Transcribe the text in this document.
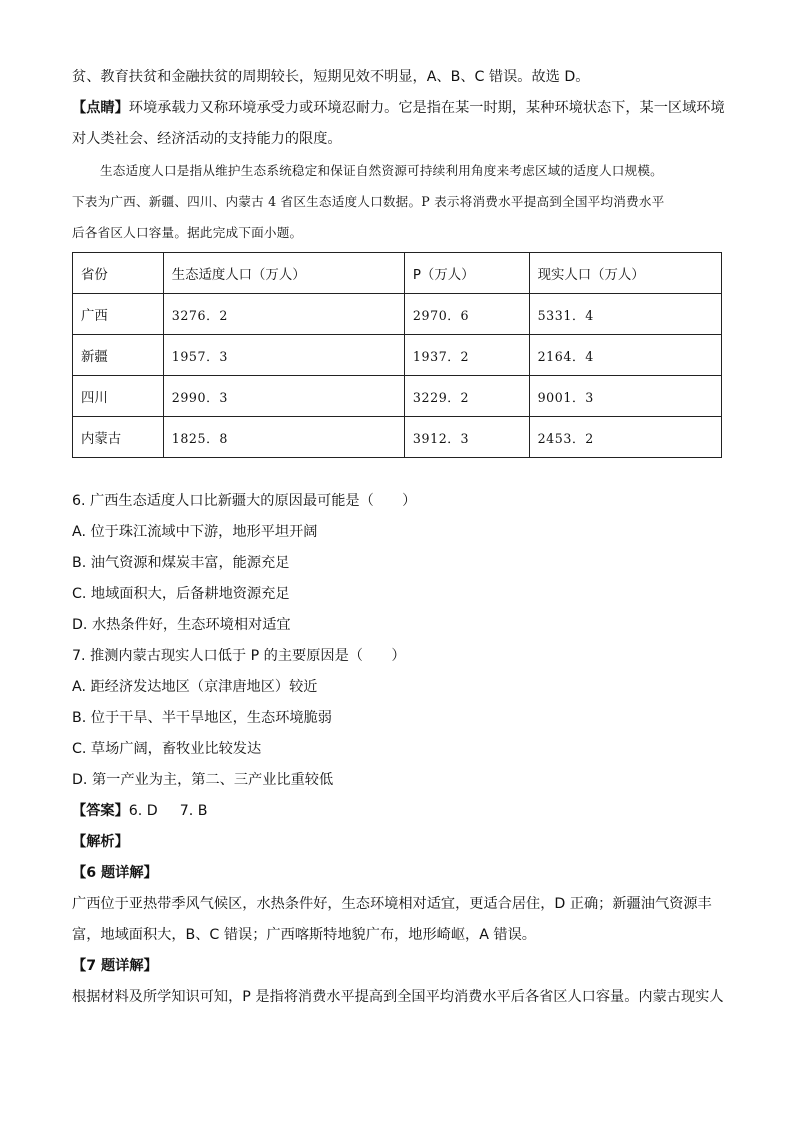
贫、教育扶贫和金融扶贫的周期较长，短期见效不明显，A、B、C 错误。故选 D。
【点睛】环境承载力又称环境承受力或环境忍耐力。它是指在某一时期，某种环境状态下，某一区域环境
对人类社会、经济活动的支持能力的限度。
生态适度人口是指从维护生态系统稳定和保证自然资源可持续利用角度来考虑区域的适度人口规模。
下表为广西、新疆、四川、内蒙古 4 省区生态适度人口数据。P 表示将消费水平提高到全国平均消费水平
后各省区人口容量。据此完成下面小题。
省份	生态适度人口（万人）	P（万人）	现实人口（万人）
广西	3276．2	2970．6	5331．4
新疆	1957．3	1937．2	2164．4
四川	2990．3	3229．2	9001．3
内蒙古	1825．8	3912．3	2453．2
6. 广西生态适度人口比新疆大的原因最可能是（　　）
A. 位于珠江流域中下游，地形平坦开阔
B. 油气资源和煤炭丰富，能源充足
C. 地域面积大，后备耕地资源充足
D. 水热条件好，生态环境相对适宜
7. 推测内蒙古现实人口低于 P 的主要原因是（　　）
A. 距经济发达地区（京津唐地区）较近
B. 位于干旱、半干旱地区，生态环境脆弱
C. 草场广阔，畜牧业比较发达
D. 第一产业为主，第二、三产业比重较低
【答案】6. D 7. B
【解析】
【6 题详解】
广西位于亚热带季风气候区，水热条件好，生态环境相对适宜，更适合居住，D 正确；新疆油气资源丰
富，地域面积大，B、C 错误；广西喀斯特地貌广布，地形崎岖，A 错误。
【7 题详解】
根据材料及所学知识可知，P 是指将消费水平提高到全国平均消费水平后各省区人口容量。内蒙古现实人
